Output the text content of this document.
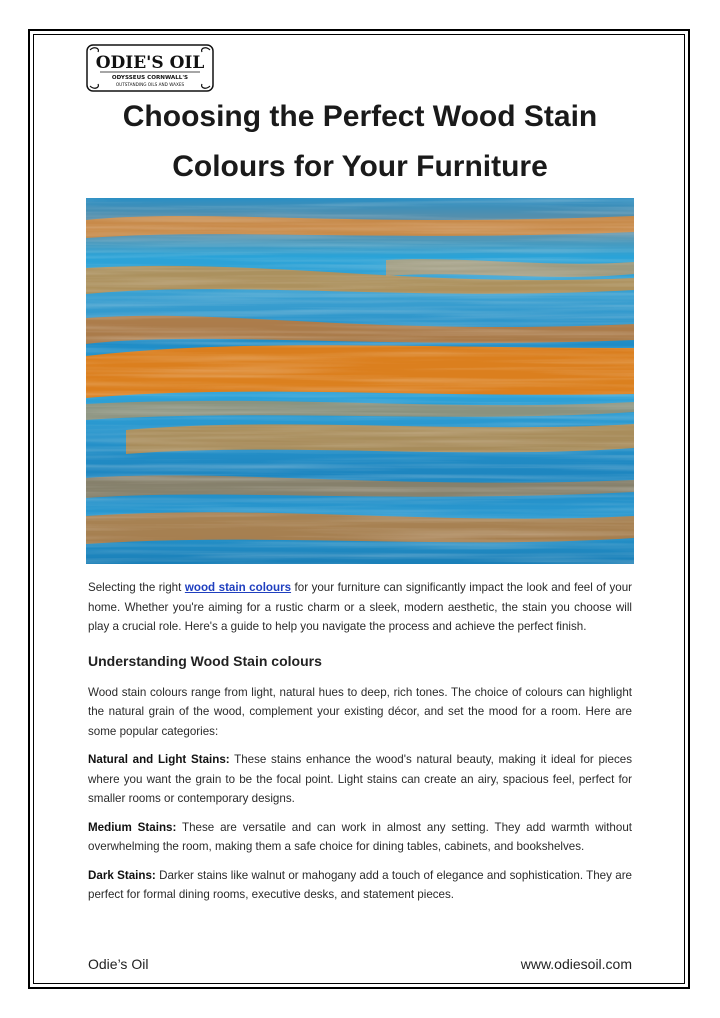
ODIE'S OIL
ODYSSEUS CORNWALL'S
OUTSTANDING OILS AND WAXES
Choosing the Perfect Wood Stain
Colours for Your Furniture

Selecting the right wood stain colours for your furniture can significantly impact the look and feel of your home. Whether you're aiming for a rustic charm or a sleek, modern aesthetic, the stain you choose will play a crucial role. Here's a guide to help you navigate the process and achieve the perfect finish.

Understanding Wood Stain colours

Wood stain colours range from light, natural hues to deep, rich tones. The choice of colours can highlight the natural grain of the wood, complement your existing décor, and set the mood for a room. Here are some popular categories:

Natural and Light Stains: These stains enhance the wood's natural beauty, making it ideal for pieces where you want the grain to be the focal point. Light stains can create an airy, spacious feel, perfect for smaller rooms or contemporary designs.

Medium Stains: These are versatile and can work in almost any setting. They add warmth without overwhelming the room, making them a safe choice for dining tables, cabinets, and bookshelves.

Dark Stains: Darker stains like walnut or mahogany add a touch of elegance and sophistication. They are perfect for formal dining rooms, executive desks, and statement pieces.

Odie’s Oil	www.odiesoil.com
